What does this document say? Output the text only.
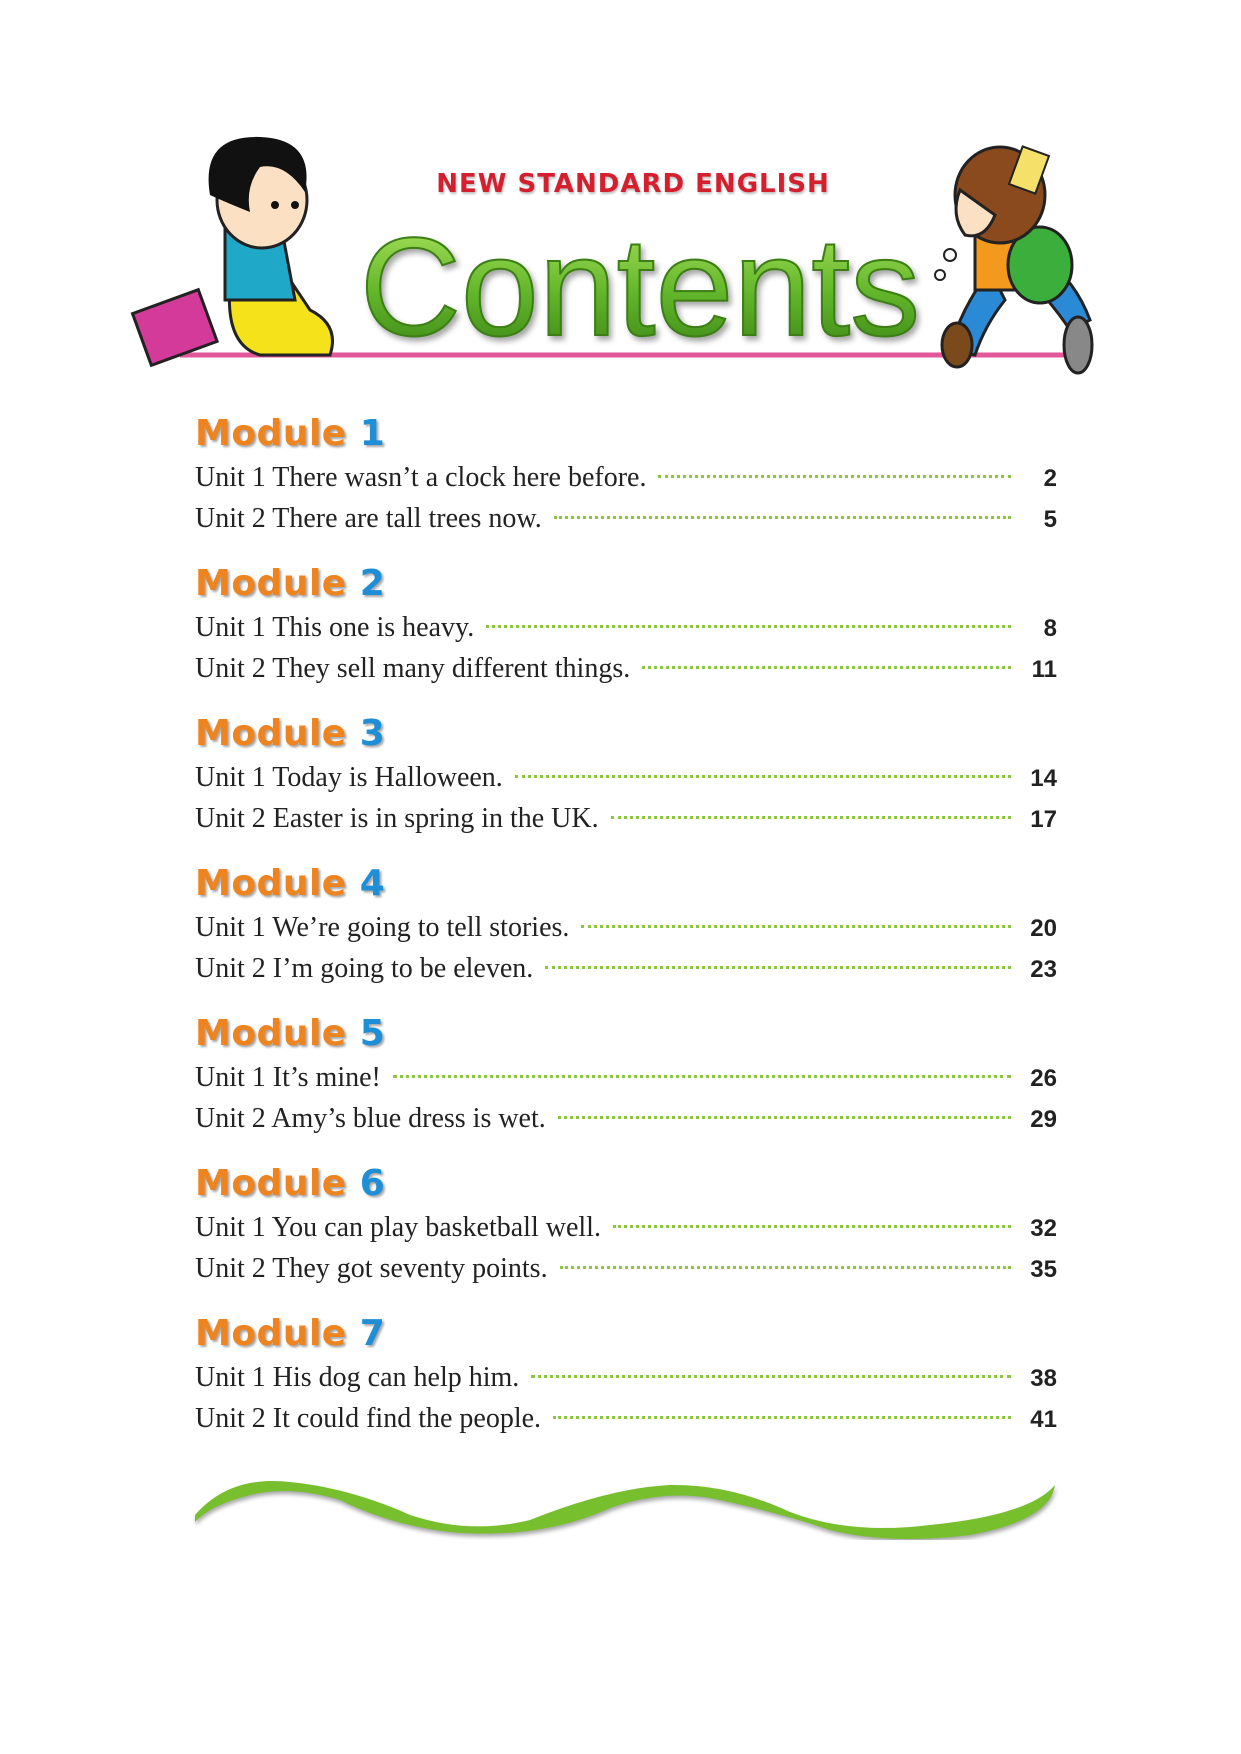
NEW STANDARD ENGLISH
Contents
Module 1
Unit 1 There wasn’t a clock here before.	2
Unit 2 There are tall trees now.	5
Module 2
Unit 1 This one is heavy.	8
Unit 2 They sell many different things.	11
Module 3
Unit 1 Today is Halloween.	14
Unit 2 Easter is in spring in the UK.	17
Module 4
Unit 1 We’re going to tell stories.	20
Unit 2 I’m going to be eleven.	23
Module 5
Unit 1 It’s mine!	26
Unit 2 Amy’s blue dress is wet.	29
Module 6
Unit 1 You can play basketball well.	32
Unit 2 They got seventy points.	35
Module 7
Unit 1 His dog can help him.	38
Unit 2 It could find the people.	41
